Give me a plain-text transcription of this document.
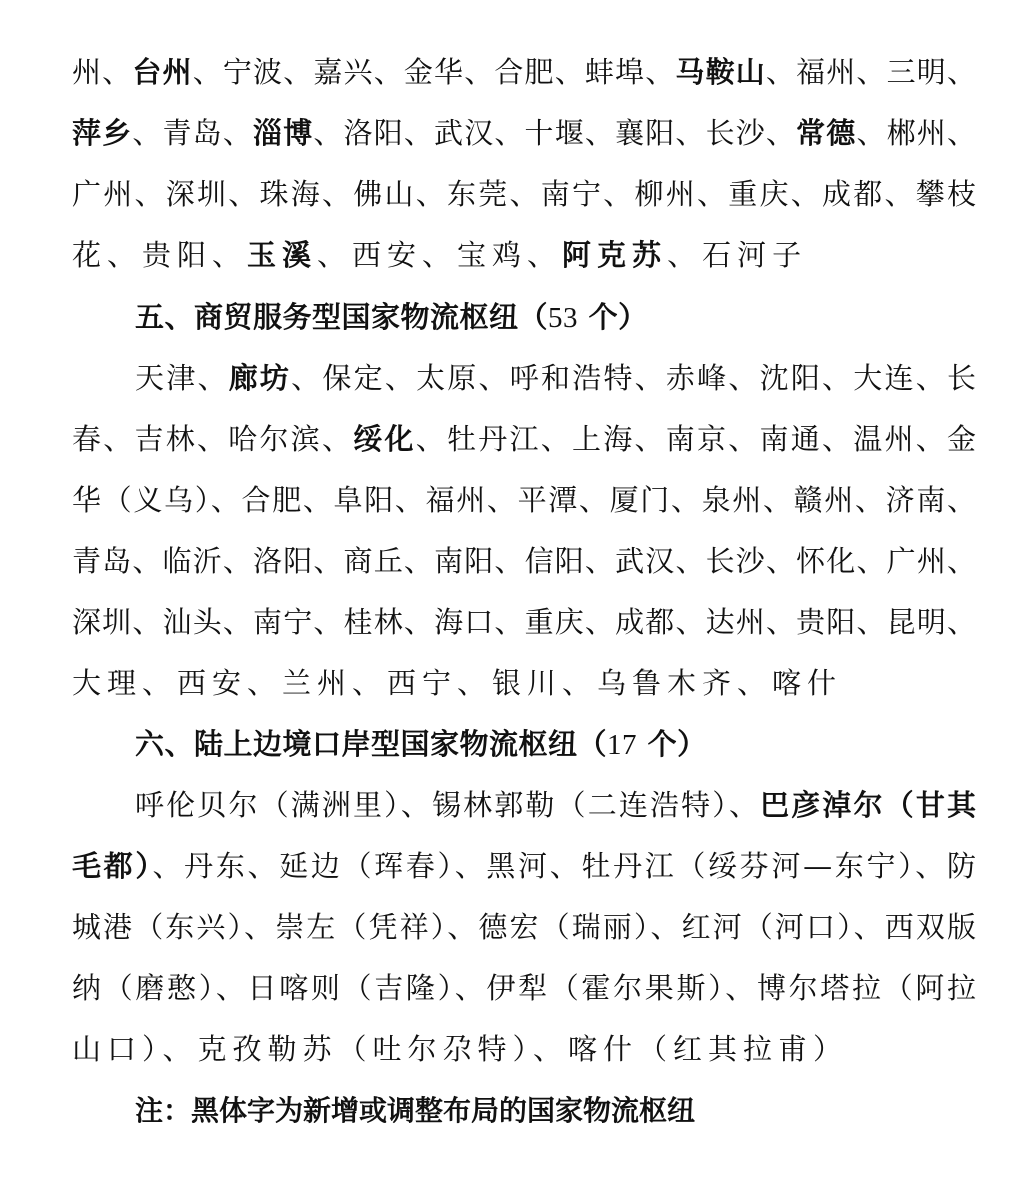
州、台州、宁波、嘉兴、金华、合肥、蚌埠、马鞍山、福州、三明、
萍乡、青岛、淄博、洛阳、武汉、十堰、襄阳、长沙、常德、郴州、
广州、深圳、珠海、佛山、东莞、南宁、柳州、重庆、成都、攀枝
花、贵阳、玉溪、西安、宝鸡、阿克苏、石河子
五、商贸服务型国家物流枢纽（53 个）
天津、廊坊、保定、太原、呼和浩特、赤峰、沈阳、大连、长
春、吉林、哈尔滨、绥化、牡丹江、上海、南京、南通、温州、金
华（义乌）、合肥、阜阳、福州、平潭、厦门、泉州、赣州、济南、
青岛、临沂、洛阳、商丘、南阳、信阳、武汉、长沙、怀化、广州、
深圳、汕头、南宁、桂林、海口、重庆、成都、达州、贵阳、昆明、
大理、西安、兰州、西宁、银川、乌鲁木齐、喀什
六、陆上边境口岸型国家物流枢纽（17 个）
呼伦贝尔（满洲里）、锡林郭勒（二连浩特）、巴彦淖尔（甘其
毛都）、丹东、延边（珲春）、黑河、牡丹江（绥芬河—东宁）、防
城港（东兴）、崇左（凭祥）、德宏（瑞丽）、红河（河口）、西双版
纳（磨憨）、日喀则（吉隆）、伊犁（霍尔果斯）、博尔塔拉（阿拉
山口）、克孜勒苏（吐尔尕特）、喀什（红其拉甫）
注：黑体字为新增或调整布局的国家物流枢纽
